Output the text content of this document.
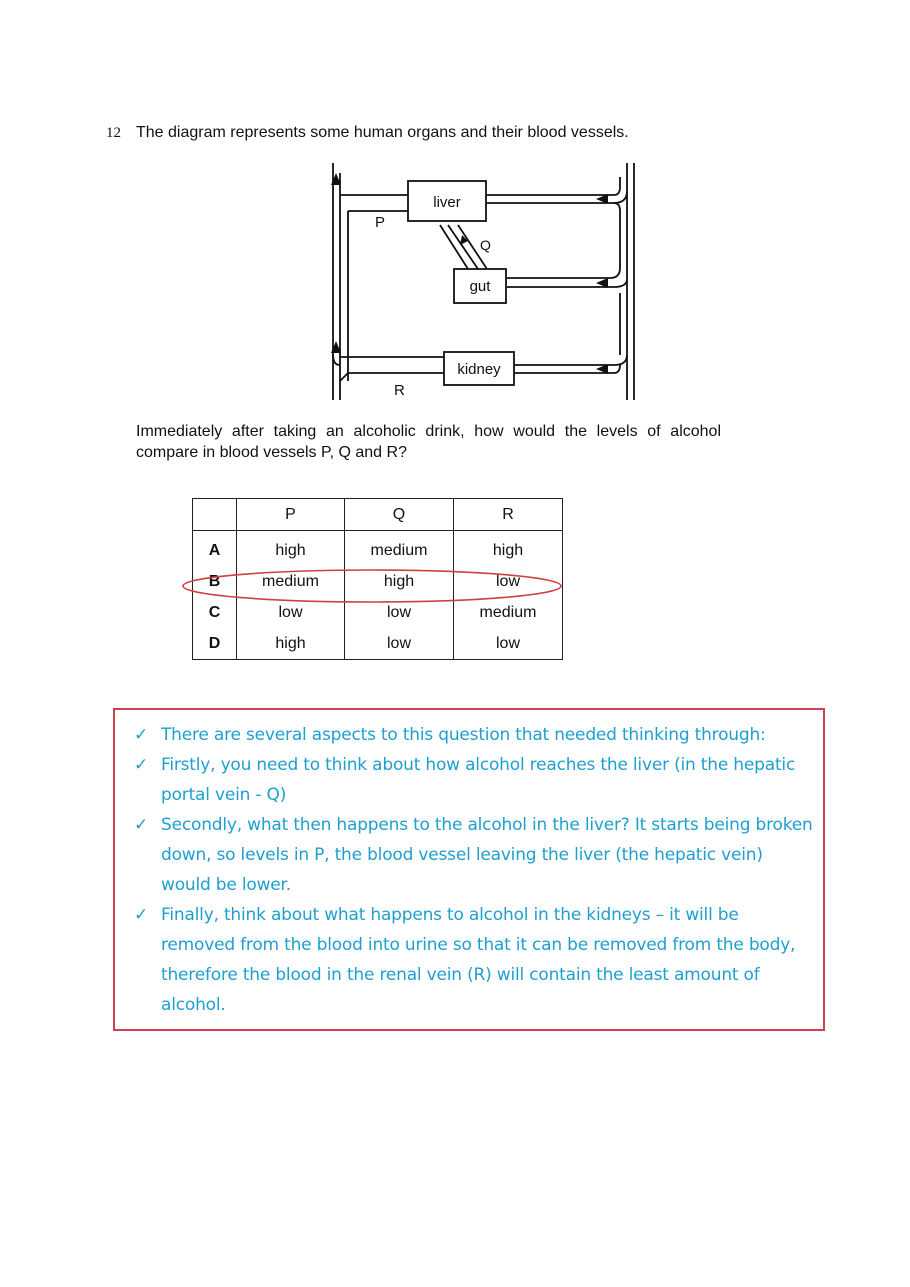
12 The diagram represents some human organs and their blood vessels.
liver
gut
kidney
P
Q
R
Immediately after taking an alcoholic drink, how would the levels of alcohol compare in blood vessels P, Q and R?
	P	Q	R
A	high	medium	high
B	medium	high	low
C	low	low	medium
D	high	low	low
✓ There are several aspects to this question that needed thinking through:
✓ Firstly, you need to think about how alcohol reaches the liver (in the hepatic portal vein - Q)
✓ Secondly, what then happens to the alcohol in the liver? It starts being broken down, so levels in P, the blood vessel leaving the liver (the hepatic vein) would be lower.
✓ Finally, think about what happens to alcohol in the kidneys – it will be removed from the blood into urine so that it can be removed from the body, therefore the blood in the renal vein (R) will contain the least amount of alcohol.
